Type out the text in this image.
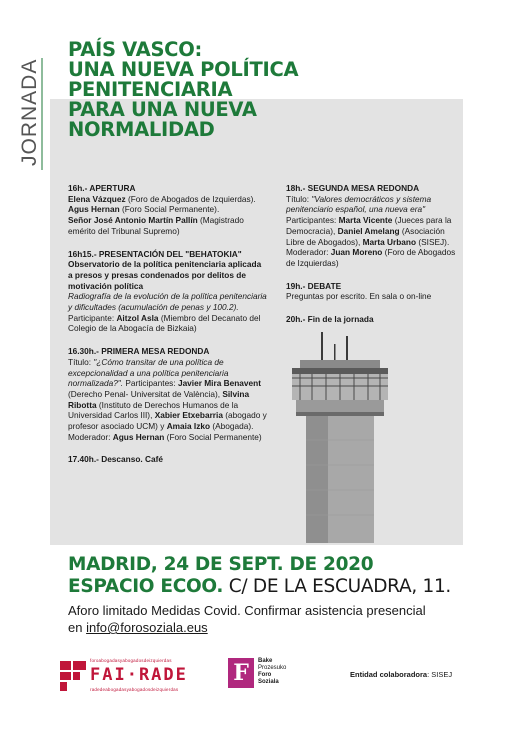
JORNADA
PAÍS VASCO:
UNA NUEVA POLÍTICA
PENITENCIARIA
PARA UNA NUEVA
NORMALIDAD
16h.- APERTURA
Elena Vázquez (Foro de Abogados de Izquierdas).
Agus Hernan (Foro Social Permanente).
Señor José Antonio Martín Pallín (Magistrado emérito del Tribunal Supremo)
16h15.- PRESENTACIÓN DEL "BEHATOKIA"
Observatorio de la política penitenciaria aplicada a presos y presas condenados por delitos de motivación política
Radiografía de la evolución de la política penitenciaria y dificultades (acumulación de penas y 100.2).
Participante: Aitzol Asla (Miembro del Decanato del Colegio de la Abogacía de Bizkaia)
16.30h.- PRIMERA MESA REDONDA
Título: "¿Cómo transitar de una política de excepcionalidad a una política penitenciaria normalizada?". Participantes: Javier Mira Benavent (Derecho Penal- Universitat de València), Silvina Ribotta (Instituto de Derechos Humanos de la Universidad Carlos III), Xabier Etxebarria (abogado y profesor asociado UCM) y Amaia Izko (Abogada).
Moderador: Agus Hernan (Foro Social Permanente)
17.40h.- Descanso. Café
18h.- SEGUNDA MESA REDONDA
Título: "Valores democráticos y sistema penitenciario español, una nueva era"
Participantes: Marta Vicente (Jueces para la Democracia), Daniel Amelang (Asociación Libre de Abogados), Marta Urbano (SISEJ).
Moderador: Juan Moreno (Foro de Abogados de Izquierdas)
19h.- DEBATE
Preguntas por escrito. En sala o on-line
20h.- Fin de la jornada
MADRID, 24 DE SEPT. DE 2020
ESPACIO ECOO. C/ DE LA ESCUADRA, 11.
Aforo limitado Medidas Covid. Confirmar asistencia presencial
en info@forosoziala.eus
foroabogadasyabogadosdeizquierdas
FAI·RADE
radedeabogadasyabogadosdeizquierdas
F	Bake
Prozesuko
Foro
Soziala
Entidad colaboradora: SISEJ
